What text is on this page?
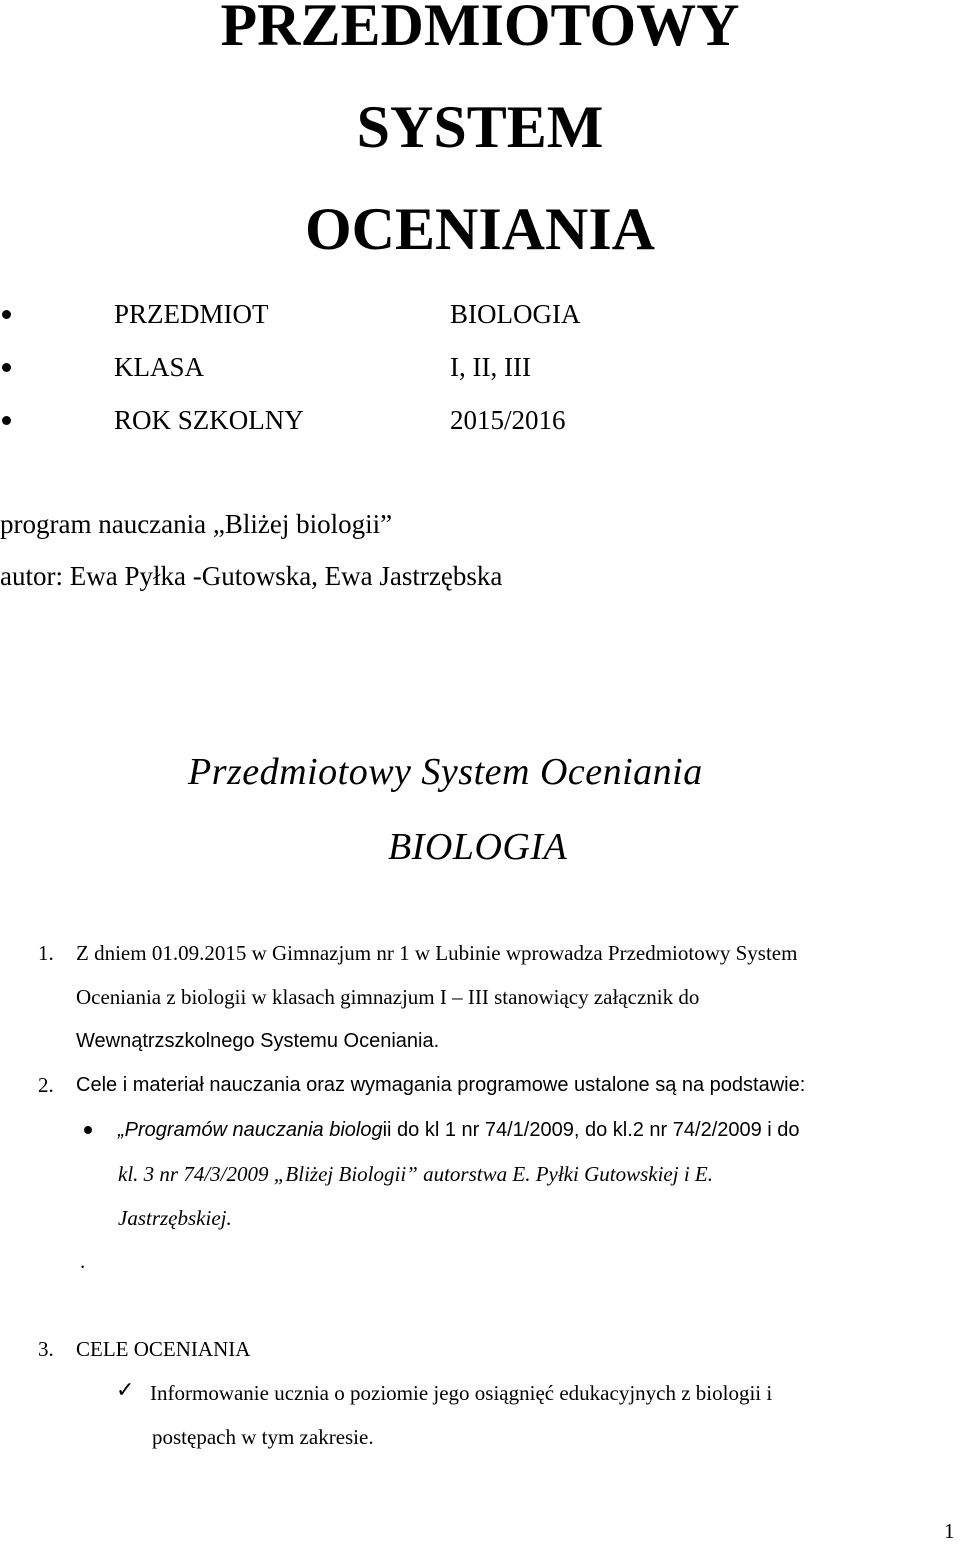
PRZEDMIOTOWY
SYSTEM
OCENIANIA
PRZEDMIOT	BIOLOGIA
KLASA	I, II, III
ROK SZKOLNY	2015/2016
program nauczania „Bliżej biologii”
autor: Ewa Pyłka -Gutowska, Ewa Jastrzębska
Przedmiotowy System Oceniania
BIOLOGIA
1. Z dniem 01.09.2015 w Gimnazjum nr 1 w Lubinie wprowadza Przedmiotowy System
Oceniania z biologii w klasach gimnazjum I – III stanowiący załącznik do
Wewnątrzszkolnego Systemu Oceniania.
2. Cele i materiał nauczania oraz wymagania programowe ustalone są na podstawie:
„Programów nauczania biologii do kl 1 nr 74/1/2009, do kl.2 nr 74/2/2009 i do
kl. 3 nr 74/3/2009 „Bliżej Biologii” autorstwa E. Pyłki Gutowskiej i E.
Jastrzębskiej.
.
3. CELE OCENIANIA
✓ Informowanie ucznia o poziomie jego osiągnięć edukacyjnych z biologii i
postępach w tym zakresie.
1
